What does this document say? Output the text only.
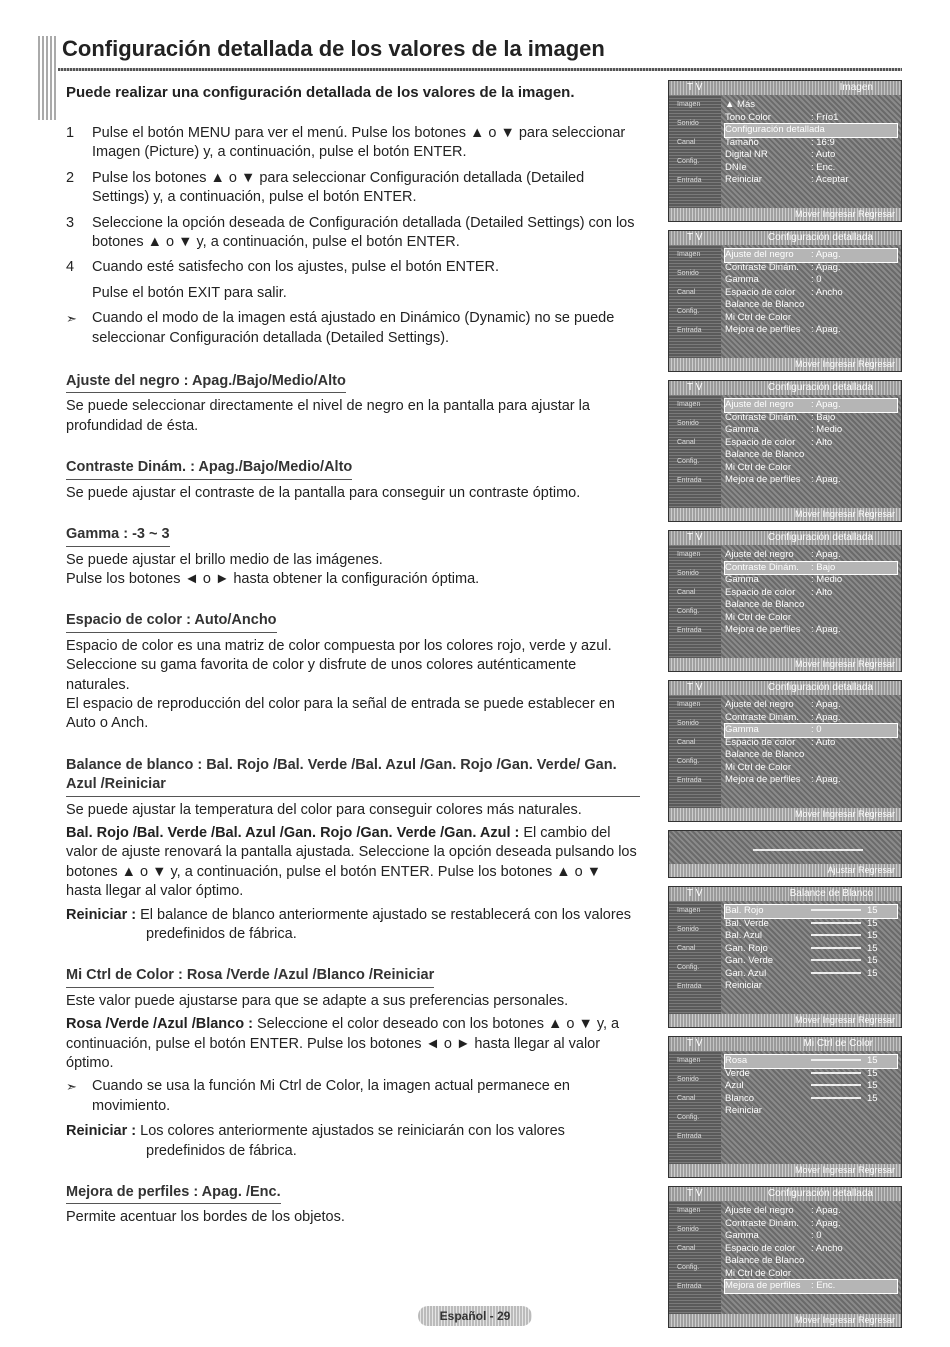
Configuración detallada de los valores de la imagen

Puede realizar una configuración detallada de los valores de la imagen.

1	Pulse el botón MENU para ver el menú. Pulse los botones ▲ o ▼ para seleccionar Imagen (Picture) y, a continuación, pulse el botón ENTER.
2	Pulse los botones ▲ o ▼ para seleccionar Configuración detallada (Detailed Settings) y, a continuación, pulse el botón ENTER.
3	Seleccione la opción deseada de Configuración detallada (Detailed Settings) con los botones ▲ o ▼ y, a continuación, pulse el botón ENTER.
4	Cuando esté satisfecho con los ajustes, pulse el botón ENTER.
Pulse el botón EXIT para salir.
➣	Cuando el modo de la imagen está ajustado en Dinámico (Dynamic) no se puede seleccionar Configuración detallada (Detailed Settings).
Ajuste del negro : Apag./Bajo/Medio/Alto

Se puede seleccionar directamente el nivel de negro en la pantalla para ajustar la profundidad de ésta.

Contraste Dinám. : Apag./Bajo/Medio/Alto

Se puede ajustar el contraste de la pantalla para conseguir un contraste óptimo.

Gamma : -3 ~ 3

Se puede ajustar el brillo medio de las imágenes.

Pulse los botones ◄ o ► hasta obtener la configuración óptima.

Espacio de color : Auto/Ancho

Espacio de color es una matriz de color compuesta por los colores rojo, verde y azul. Seleccione su gama favorita de color y disfrute de unos colores auténticamente naturales.

El espacio de reproducción del color para la señal de entrada se puede establecer en Auto o Anch.

Balance de blanco : Bal. Rojo /Bal. Verde /Bal. Azul /Gan. Rojo /Gan. Verde/ Gan. Azul /Reiniciar

Se puede ajustar la temperatura del color para conseguir colores más naturales.

Bal. Rojo /Bal. Verde /Bal. Azul /Gan. Rojo /Gan. Verde /Gan. Azul : El cambio del valor de ajuste renovará la pantalla ajustada. Seleccione la opción deseada pulsando los botones ▲ o ▼ y, a continuación, pulse el botón ENTER. Pulse los botones ▲ o ▼ hasta llegar al valor óptimo.

Reiniciar : El balance de blanco anteriormente ajustado se restablecerá con los valores predefinidos de fábrica.

Mi Ctrl de Color : Rosa /Verde /Azul /Blanco /Reiniciar

Este valor puede ajustarse para que se adapte a sus preferencias personales.

Rosa /Verde /Azul /Blanco : Seleccione el color deseado con los botones ▲ o ▼ y, a continuación, pulse el botón ENTER. Pulse los botones ◄ o ► hasta llegar al valor óptimo.

➣	Cuando se usa la función Mi Ctrl de Color, la imagen actual permanece en movimiento.

Reiniciar : Los colores anteriormente ajustados se reiniciarán con los valores predefinidos de fábrica.

Mejora de perfiles : Apag. /Enc.

Permite acentuar los bordes de los objetos.

T V	Imagen
Imagen
Sonido
Canal
Config.
Entrada
▲ Más
Tono Color	: Frío1
Configuración detallada
Tamaño	: 16:9
Digital NR	: Auto
DNIe	: Enc.
Reiniciar	: Aceptar
Mover Ingresar Regresar
T V	Configuración detallada
Imagen
Sonido
Canal
Config.
Entrada
Ajuste del negro	: Apag.
Contraste Dinám.	: Apag.
Gamma	: 0
Espacio de color	: Ancho
Balance de Blanco
Mi Ctrl de Color
Mejora de perfiles	: Apag.
Mover Ingresar Regresar
T V	Configuración detallada
Imagen
Sonido
Canal
Config.
Entrada
Ajuste del negro	: Apag.
Contraste Dinám.	: Bajo
Gamma	: Medio
Espacio de color	: Alto
Balance de Blanco
Mi Ctrl de Color
Mejora de perfiles	: Apag.
Mover Ingresar Regresar
T V	Configuración detallada
Imagen
Sonido
Canal
Config.
Entrada
Ajuste del negro	: Apag.
Contraste Dinám.	: Bajo
Gamma	: Medio
Espacio de color	: Alto
Balance de Blanco
Mi Ctrl de Color
Mejora de perfiles	: Apag.
Mover Ingresar Regresar
T V	Configuración detallada
Imagen
Sonido
Canal
Config.
Entrada
Ajuste del negro	: Apag.
Contraste Dinám.	: Apag.
Gamma	: 0
Espacio de color	: Auto
Balance de Blanco
Mi Ctrl de Color
Mejora de perfiles	: Apag.
Mover Ingresar Regresar
Ajustar Regresar
T V	Balance de Blanco
Imagen
Sonido
Canal
Config.
Entrada
Bal. Rojo	15
Bal. Verde	15
Bal. Azul	15
Gan. Rojo	15
Gan. Verde	15
Gan. Azul	15
Reiniciar
Mover Ingresar Regresar
T V	Mi Ctrl de Color
Imagen
Sonido
Canal
Config.
Entrada
Rosa	15
Verde	15
Azul	15
Blanco	15
Reiniciar
Mover Ingresar Regresar
T V	Configuración detallada
Imagen
Sonido
Canal
Config.
Entrada
Ajuste del negro	: Apag.
Contraste Dinám.	: Apag.
Gamma	: 0
Espacio de color	: Ancho
Balance de Blanco
Mi Ctrl de Color
Mejora de perfiles	: Enc.
Mover Ingresar Regresar
Español - 29
